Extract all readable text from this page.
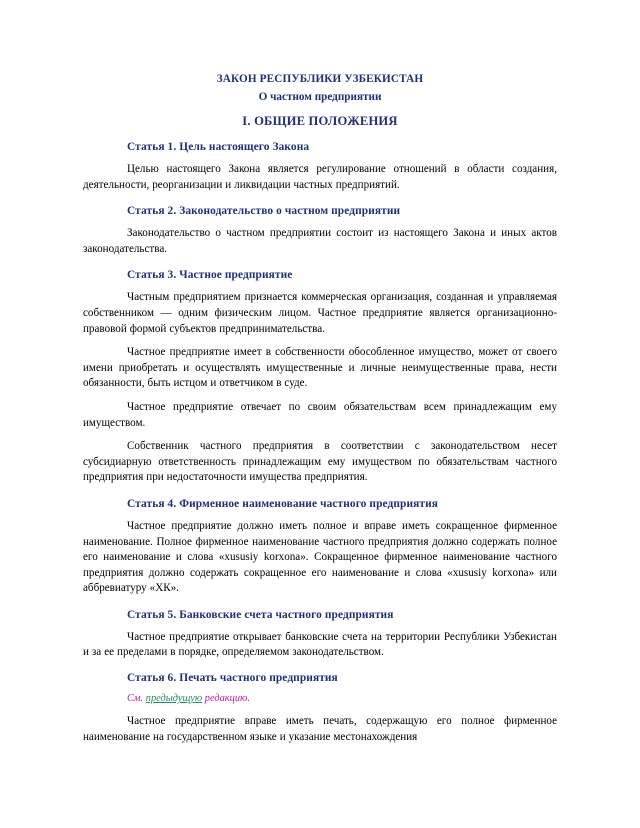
ЗАКОН РЕСПУБЛИКИ УЗБЕКИСТАН
О частном предприятии
I. ОБЩИЕ ПОЛОЖЕНИЯ
Статья 1. Цель настоящего Закона

Целью настоящего Закона является регулирование отношений в области создания, деятельности, реорганизации и ликвидации частных предприятий.

Статья 2. Законодательство о частном предприятии

Законодательство о частном предприятии состоит из настоящего Закона и иных актов законодательства.

Статья 3. Частное предприятие

Частным предприятием признается коммерческая организация, созданная и управляемая собственником — одним физическим лицом. Частное предприятие является организационно-правовой формой субъектов предпринимательства.

Частное предприятие имеет в собственности обособленное имущество, может от своего имени приобретать и осуществлять имущественные и личные неимущественные права, нести обязанности, быть истцом и ответчиком в суде.

Частное предприятие отвечает по своим обязательствам всем принадлежащим ему имуществом.

Собственник частного предприятия в соответствии с законодательством несет субсидиарную ответственность принадлежащим ему имуществом по обязательствам частного предприятия при недостаточности имущества предприятия.

Статья 4. Фирменное наименование частного предприятия

Частное предприятие должно иметь полное и вправе иметь сокращенное фирменное наименование. Полное фирменное наименование частного предприятия должно содержать полное его наименование и слова «xususiy korxona». Сокращенное фирменное наименование частного предприятия должно содержать сокращенное его наименование и слова «xususiy korxona» или аббревиатуру «ХК».

Статья 5. Банковские счета частного предприятия

Частное предприятие открывает банковские счета на территории Республики Узбекистан и за ее пределами в порядке, определяемом законодательством.

Статья 6. Печать частного предприятия
См. предыдущую редакцию.

Частное предприятие вправе иметь печать, содержащую его полное фирменное наименование на государственном языке и указание местонахождения
